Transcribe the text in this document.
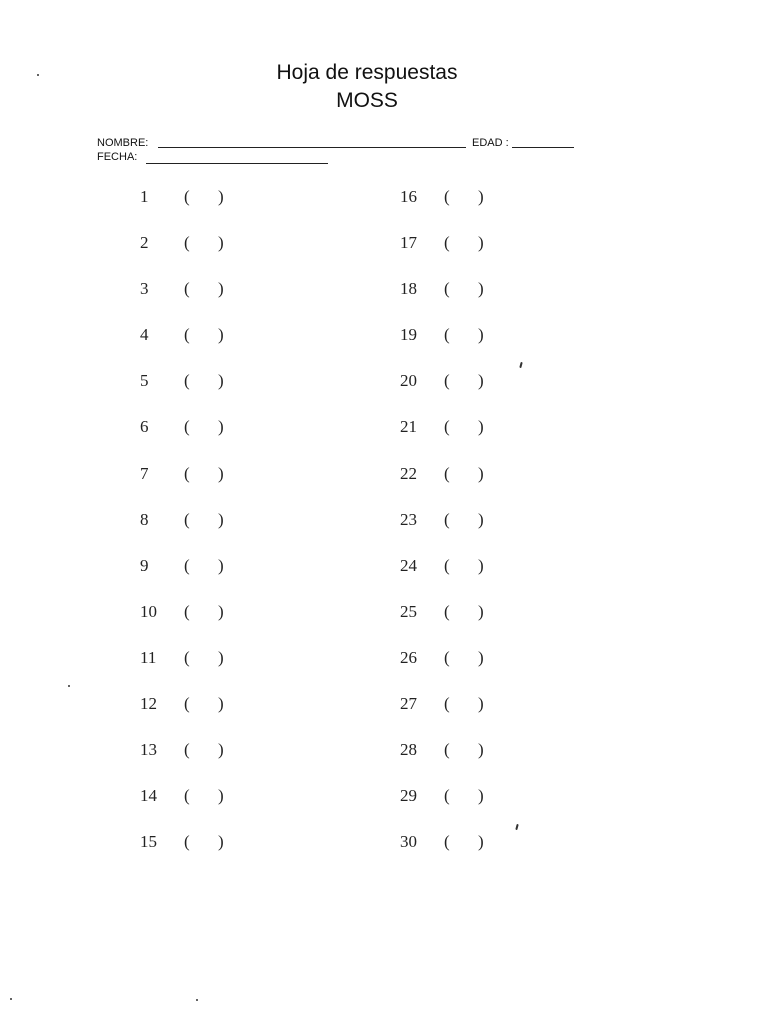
Hoja de respuestas
MOSS
NOMBRE:	EDAD :
FECHA:
1 ( )
2 ( )
3 ( )
4 ( )
5 ( )
6 ( )
7 ( )
8 ( )
9 ( )
10 ( )
11 ( )
12 ( )
13 ( )
14 ( )
15 ( )
16 ( )
17 ( )
18 ( )
19 ( )
20 ( )
21 ( )
22 ( )
23 ( )
24 ( )
25 ( )
26 ( )
27 ( )
28 ( )
29 ( )
30 ( )
